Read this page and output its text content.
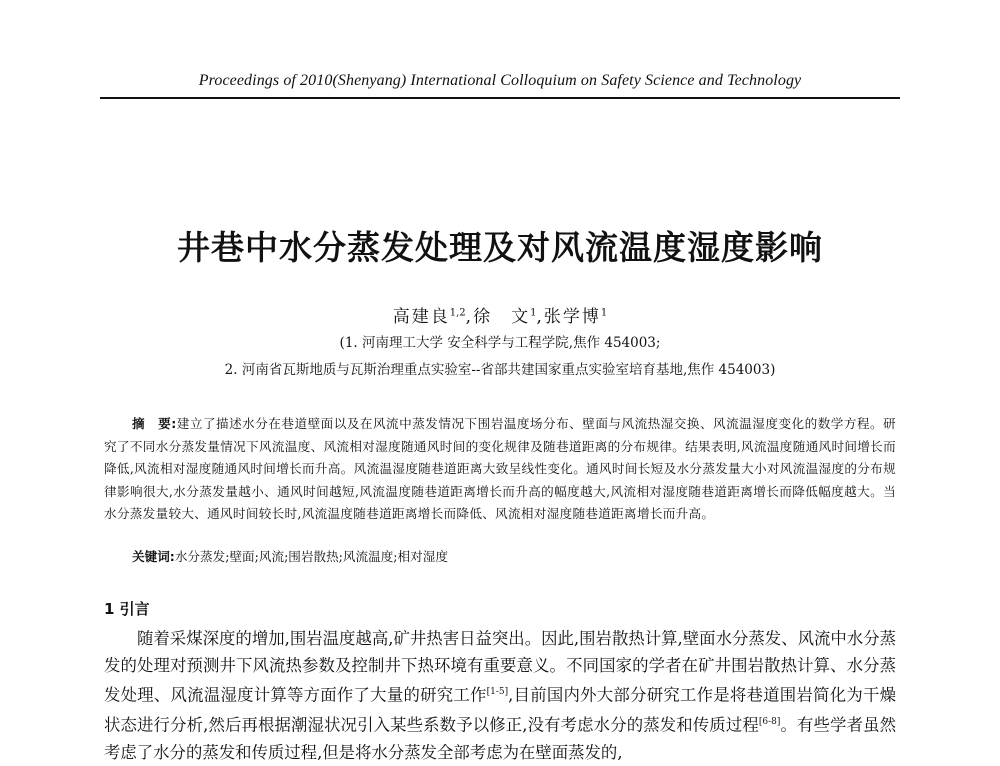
Proceedings of 2010(Shenyang) International Colloquium on Safety Science and Technology
井巷中水分蒸发处理及对风流温度湿度影响
高建良$^{1,2}$,徐　文$^1$,张学博$^1$
(1. 河南理工大学 安全科学与工程学院,焦作 454003;
2. 河南省瓦斯地质与瓦斯治理重点实验室--省部共建国家重点实验室培育基地,焦作 454003)
摘　要:建立了描述水分在巷道壁面以及在风流中蒸发情况下围岩温度场分布、壁面与风流热湿交换、风流温湿度变化的数学方程。研究了不同水分蒸发量情况下风流温度、风流相对湿度随通风时间的变化规律及随巷道距离的分布规律。结果表明,风流温度随通风时间增长而降低,风流相对湿度随通风时间增长而升高。风流温湿度随巷道距离大致呈线性变化。通风时间长短及水分蒸发量大小对风流温湿度的分布规律影响很大,水分蒸发量越小、通风时间越短,风流温度随巷道距离增长而升高的幅度越大,风流相对湿度随巷道距离增长而降低幅度越大。当水分蒸发量较大、通风时间较长时,风流温度随巷道距离增长而降低、风流相对湿度随巷道距离增长而升高。
关键词:水分蒸发;壁面;风流;围岩散热;风流温度;相对湿度
1 引言
随着采煤深度的增加,围岩温度越高,矿井热害日益突出。因此,围岩散热计算,壁面水分蒸发、风流中水分蒸发的处理对预测井下风流热参数及控制井下热环境有重要意义。不同国家的学者在矿井围岩散热计算、水分蒸发处理、风流温湿度计算等方面作了大量的研究工作[1-5],目前国内外大部分研究工作是将巷道围岩简化为干燥状态进行分析,然后再根据潮湿状况引入某些系数予以修正,没有考虑水分的蒸发和传质过程[6-8]。有些学者虽然考虑了水分的蒸发和传质过程,但是将水分蒸发全部考虑为在壁面蒸发的,
